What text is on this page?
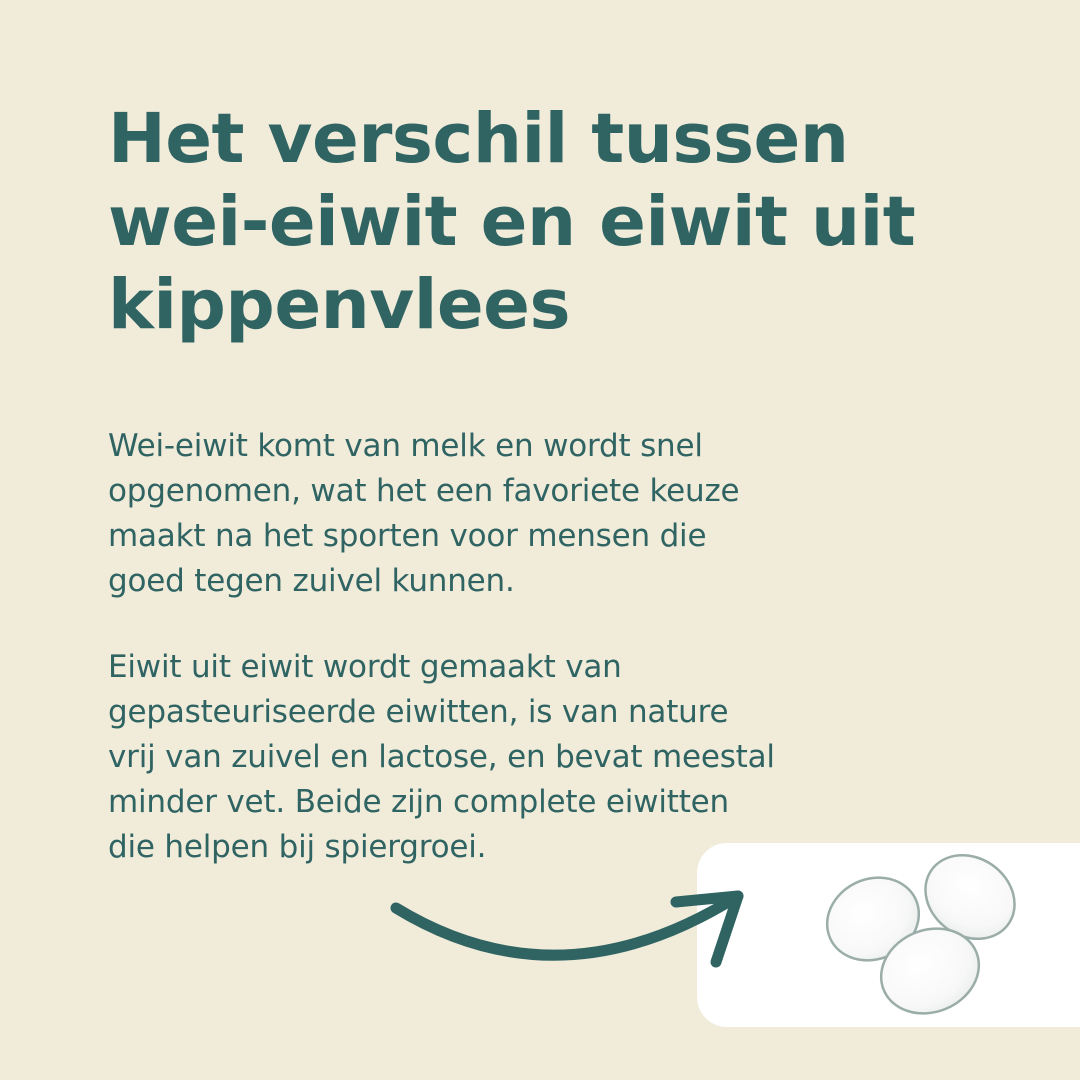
Het verschil tussen
wei-eiwit en eiwit uit
kippenvlees

Wei-eiwit komt van melk en wordt snel
opgenomen, wat het een favoriete keuze
maakt na het sporten voor mensen die
goed tegen zuivel kunnen.

Eiwit uit eiwit wordt gemaakt van
gepasteuriseerde eiwitten, is van nature
vrij van zuivel en lactose, en bevat meestal
minder vet. Beide zijn complete eiwitten
die helpen bij spiergroei.
